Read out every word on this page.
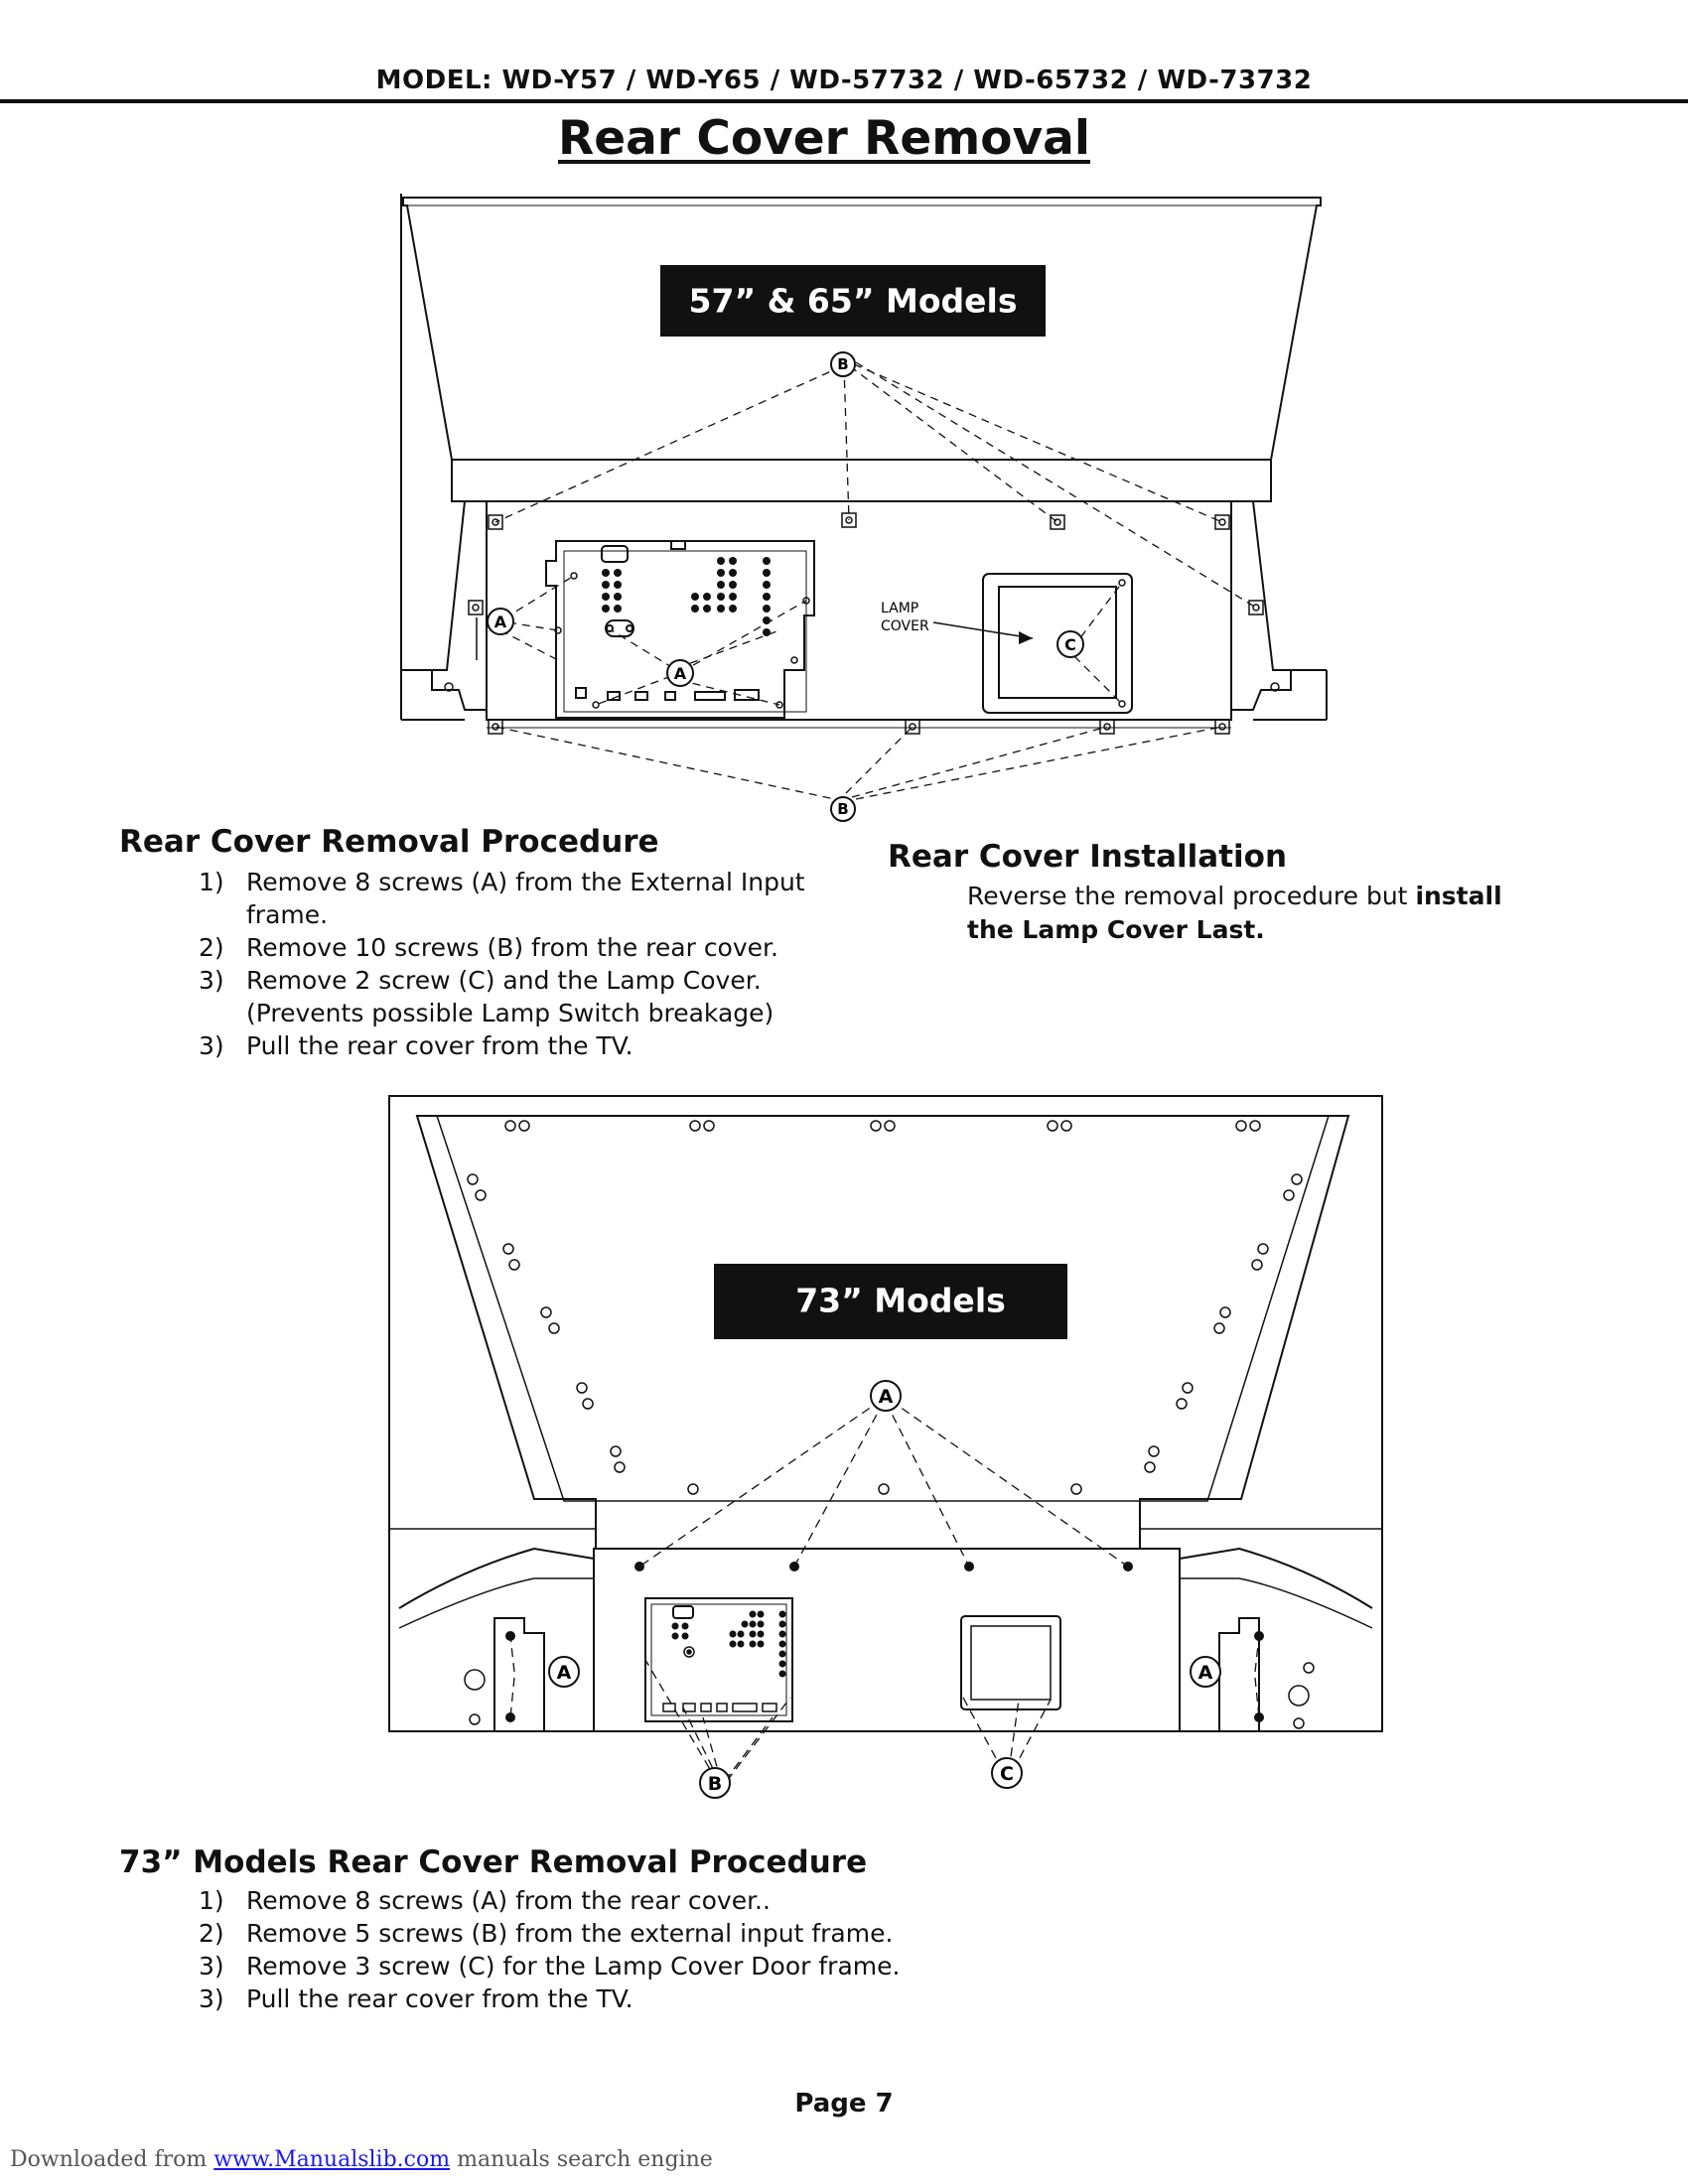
MODEL: WD-Y57 / WD-Y65 / WD-57732 / WD-65732 / WD-73732
Rear Cover Removal
LAMP
COVER
57” & 65” Models
B
A
A
C
B
Rear Cover Removal Procedure
1) Remove 8 screws (A) from the External Input
frame.
2) Remove 10 screws (B) from the rear cover.
3) Remove 2 screw (C) and the Lamp Cover.
(Prevents possible Lamp Switch breakage)
3) Pull the rear cover from the TV.
Rear Cover Installation
Reverse the removal procedure but install the Lamp Cover Last.
73” Models
A
A	A
B	C
73” Models Rear Cover Removal Procedure
1) Remove 8 screws (A) from the rear cover..
2) Remove 5 screws (B) from the external input frame.
3) Remove 3 screw (C) for the Lamp Cover Door frame.
3) Pull the rear cover from the TV.
Page 7
Downloaded from www.Manualslib.com manuals search engine
